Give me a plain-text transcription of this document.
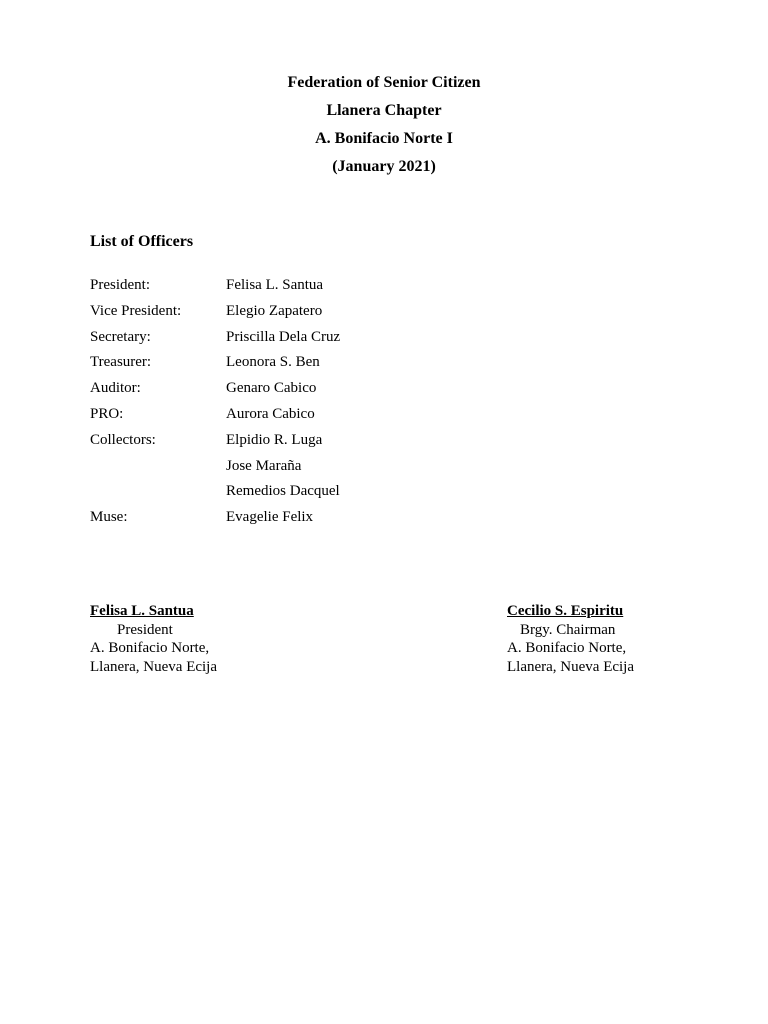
Federation of Senior Citizen
Llanera Chapter
A. Bonifacio Norte I
(January 2021)
List of Officers
President:	Felisa L. Santua
Vice President:	Elegio Zapatero
Secretary:	Priscilla Dela Cruz
Treasurer:	Leonora S. Ben
Auditor:	Genaro Cabico
PRO:	Aurora Cabico
Collectors:	Elpidio R. Luga
Jose Maraña
Remedios Dacquel
Muse:	Evagelie Felix
Felisa L. Santua
President
A. Bonifacio Norte,
Llanera, Nueva Ecija
Cecilio S. Espiritu
Brgy. Chairman
A. Bonifacio Norte,
Llanera, Nueva Ecija
